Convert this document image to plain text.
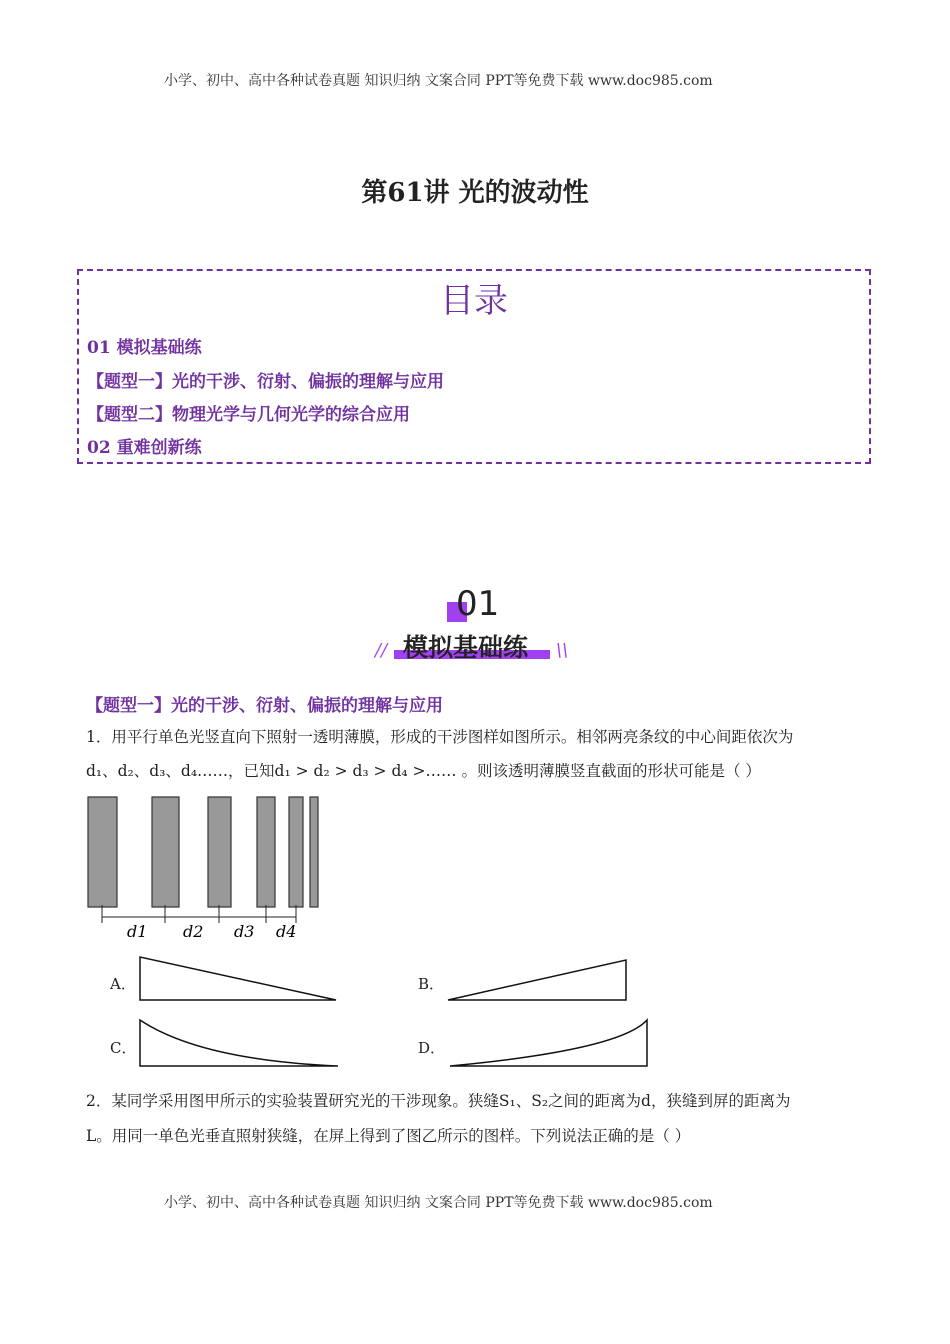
小学、初中、高中各种试卷真题 知识归纳 文案合同 PPT等免费下载 www.doc985.com
第61讲 光的波动性
目录
01 模拟基础练
【题型一】光的干涉、衍射、偏振的理解与应用
【题型二】物理光学与几何光学的综合应用
02 重难创新练
01
模拟基础练
//	\\
【题型一】光的干涉、衍射、偏振的理解与应用
1．用平行单色光竖直向下照射一透明薄膜，形成的干涉图样如图所示。相邻两亮条纹的中心间距依次为
d₁、d₂、d₃、d₄……，已知d₁ > d₂ > d₃ > d₄ >…… 。则该透明薄膜竖直截面的形状可能是（ ）
d1 d2 d3 d4
A．	B．
C．	D．
2．某同学采用图甲所示的实验装置研究光的干涉现象。狭缝S₁、S₂之间的距离为d，狭缝到屏的距离为
L。用同一单色光垂直照射狭缝，在屏上得到了图乙所示的图样。下列说法正确的是（ ）
小学、初中、高中各种试卷真题 知识归纳 文案合同 PPT等免费下载 www.doc985.com
